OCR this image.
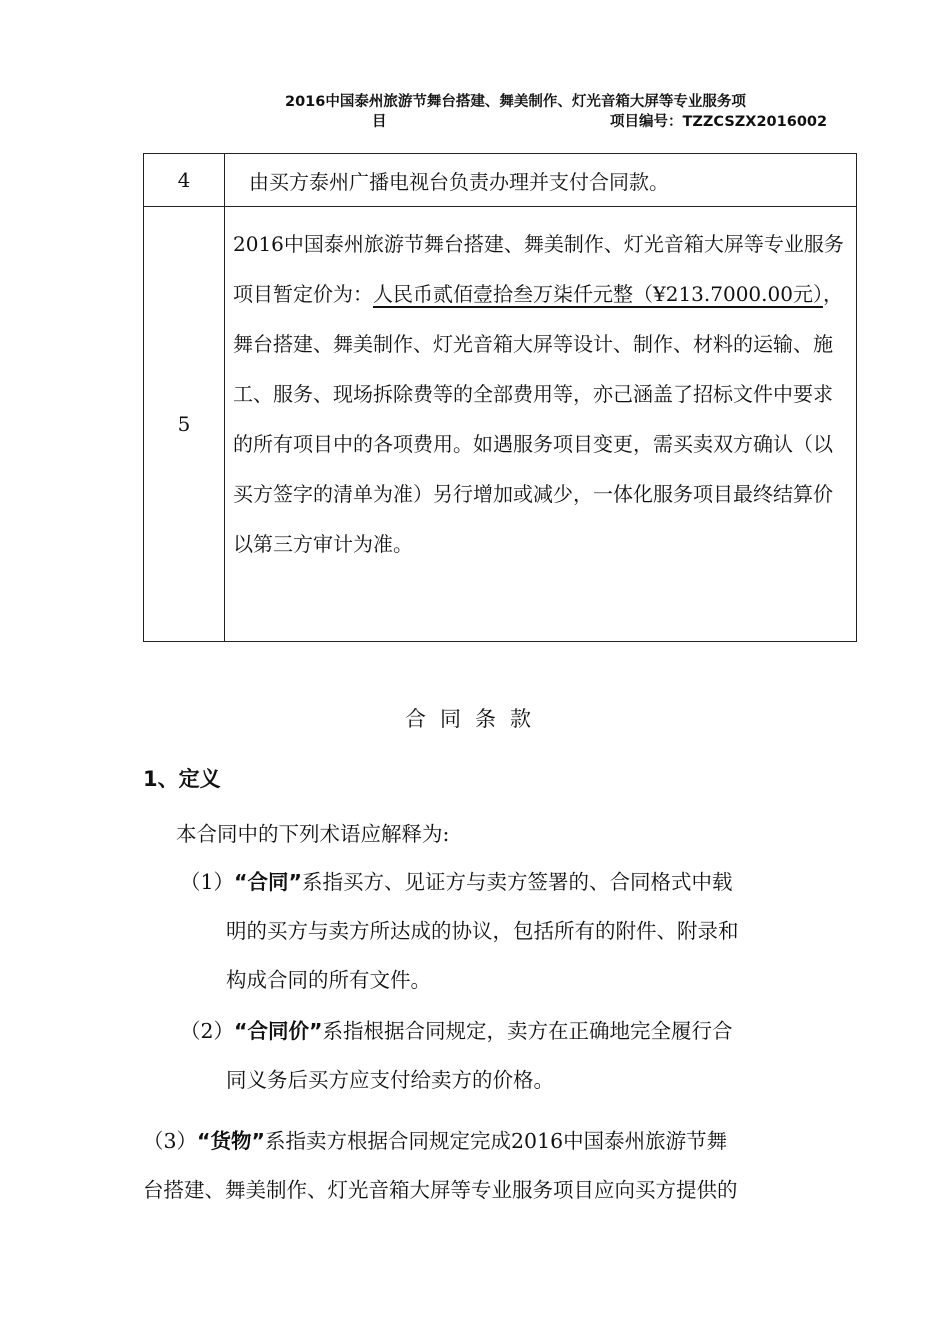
2016中国泰州旅游节舞台搭建、舞美制作、灯光音箱大屏等专业服务项
目	项目编号：TZZCSZX2016002
4	由买方泰州广播电视台负责办理并支付合同款。
5	2016中国泰州旅游节舞台搭建、舞美制作、灯光音箱大屏等专业服务项目暂定价为：人民币贰佰壹拾叁万柒仟元整（¥213.7000.00元），舞台搭建、舞美制作、灯光音箱大屏等设计、制作、材料的运输、施工、服务、现场拆除费等的全部费用等，亦己涵盖了招标文件中要求的所有项目中的各项费用。如遇服务项目变更，需买卖双方确认（以买方签字的清单为准）另行增加或减少，一体化服务项目最终结算价以第三方审计为准。
合同条款
1、定义
本合同中的下列术语应解释为:
（1）“合同”系指买方、见证方与卖方签署的、合同格式中载
明的买方与卖方所达成的协议，包括所有的附件、附录和
构成合同的所有文件。
（2）“合同价”系指根据合同规定，卖方在正确地完全履行合
同义务后买方应支付给卖方的价格。
（3）“货物”系指卖方根据合同规定完成2016中国泰州旅游节舞
台搭建、舞美制作、灯光音箱大屏等专业服务项目应向买方提供的
